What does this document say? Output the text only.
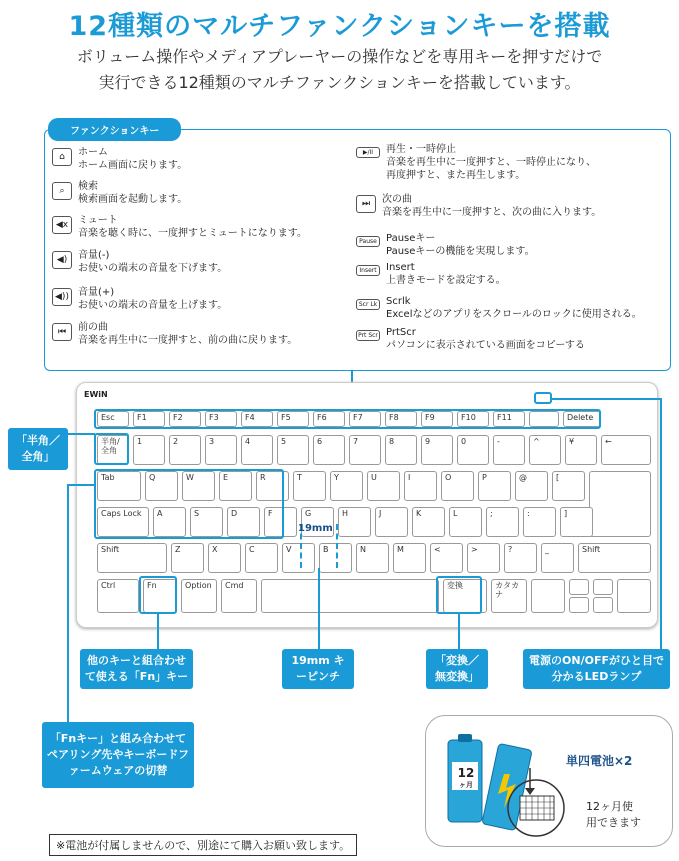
12種類のマルチファンクションキーを搭載
ボリューム操作やメディアプレーヤーの操作などを専用キーを押すだけで
実行できる12種類のマルチファンクションキーを搭載しています。
ファンクションキー
⌂	ホーム
ホーム画面に戻ります。
⌕	検索
検索画面を起動します。
◀x ミュート
音楽を聴く時に、一度押すとミュートになります。
◀)	音量(-)
お使いの端末の音量を下げます。
◀)) 音量(+)
お使いの端末の音量を上げます。
⏮	前の曲
音楽を再生中に一度押すと、前の曲に戻ります。
▶/II	再生・一時停止
音楽を再生中に一度押すと、一時停止になり、
再度押すと、また再生します。
⏭	次の曲
音楽を再生中に一度押すと、次の曲に入ります。
Pause Pauseキー
Pauseキーの機能を実現します。
Insert Insert
上書きモードを設定する。
Scr Lk Scrlk
Excelなどのアプリをスクロールのロックに使用される。
Prt Scr PrtScr
パソコンに表示されている画面をコピーする
EWiN
Esc	F1	F2	F3	F4	F5	F6	F7	F8	F9	F10	F11	Delete
半角/全角
1	2	3	4	5	6	7	8	9	0	-	^	¥	←
Tab	Q	W	E	R	T	Y	U	I	O	P	@	[
Caps Lock	A	S	D	F	G	H	J	K	L	;	:	]
Shift	Z	X	C	V	B	N	M	<	>	?	_	Shift
Ctrl	Fn	Option	Cmd	変換	カタカナ
19mm
「半角／全角」
他のキーと組合わせて使える「Fn」キー
19mm キーピンチ
「変換／無変換」
電源のON/OFFがひと目で分かるLEDランプ
「Fnキー」と組み合わせてペアリング先やキーボードファームウェアの切替	12
ヶ月
単四電池×2
12ヶ月使
用できます
※電池が付属しませんので、別途にて購入お願い致します。
